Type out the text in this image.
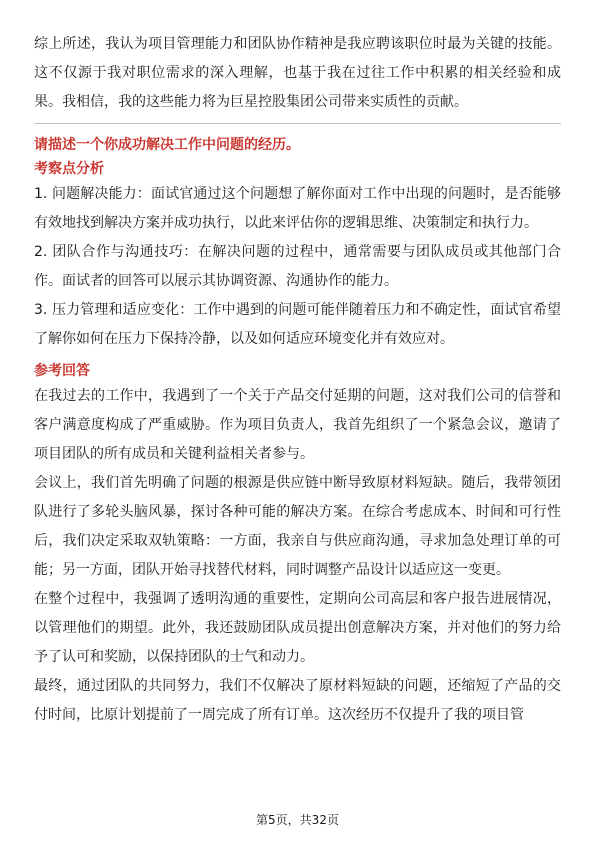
综上所述，我认为项目管理能力和团队协作精神是我应聘该职位时最为关键的技能。这不仅源于我对职位需求的深入理解，也基于我在过往工作中积累的相关经验和成果。我相信，我的这些能力将为巨星控股集团公司带来实质性的贡献。

请描述一个你成功解决工作中问题的经历。
考察点分析

1. 问题解决能力：面试官通过这个问题想了解你面对工作中出现的问题时，是否能够有效地找到解决方案并成功执行，以此来评估你的逻辑思维、决策制定和执行力。

2. 团队合作与沟通技巧：在解决问题的过程中，通常需要与团队成员或其他部门合作。面试者的回答可以展示其协调资源、沟通协作的能力。

3. 压力管理和适应变化：工作中遇到的问题可能伴随着压力和不确定性，面试官希望了解你如何在压力下保持冷静，以及如何适应环境变化并有效应对。

参考回答

在我过去的工作中，我遇到了一个关于产品交付延期的问题，这对我们公司的信誉和客户满意度构成了严重威胁。作为项目负责人，我首先组织了一个紧急会议，邀请了项目团队的所有成员和关键利益相关者参与。

会议上，我们首先明确了问题的根源是供应链中断导致原材料短缺。随后，我带领团队进行了多轮头脑风暴，探讨各种可能的解决方案。在综合考虑成本、时间和可行性后，我们决定采取双轨策略：一方面，我亲自与供应商沟通，寻求加急处理订单的可能；另一方面，团队开始寻找替代材料，同时调整产品设计以适应这一变更。

在整个过程中，我强调了透明沟通的重要性，定期向公司高层和客户报告进展情况，以管理他们的期望。此外，我还鼓励团队成员提出创意解决方案，并对他们的努力给予了认可和奖励，以保持团队的士气和动力。

最终，通过团队的共同努力，我们不仅解决了原材料短缺的问题，还缩短了产品的交付时间，比原计划提前了一周完成了所有订单。这次经历不仅提升了我的项目管

第5页，共32页
